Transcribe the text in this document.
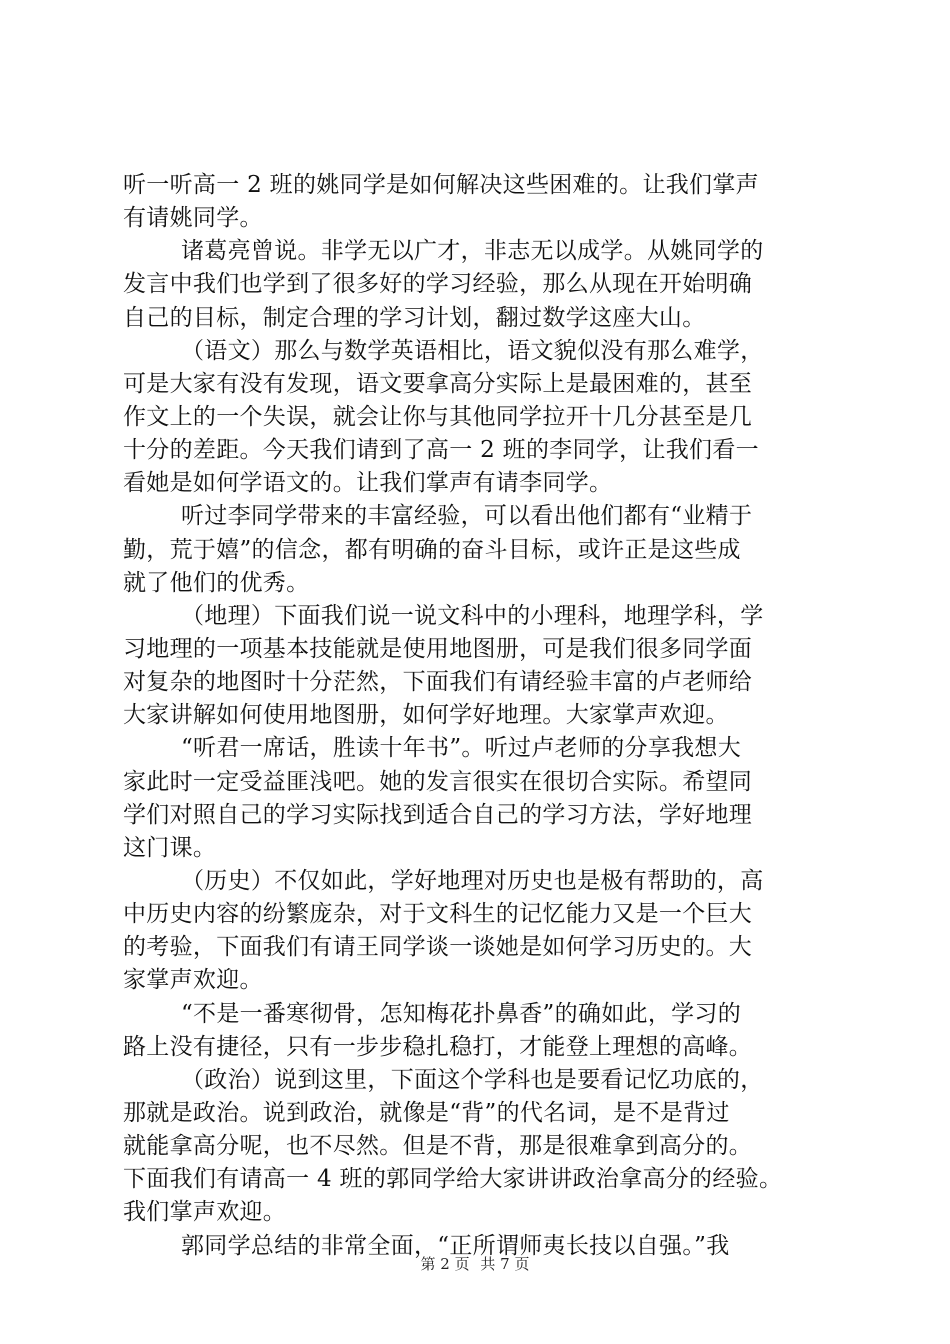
听一听高一 2 班的姚同学是如何解决这些困难的。让我们掌声
有请姚同学。
诸葛亮曾说。非学无以广才，非志无以成学。从姚同学的
发言中我们也学到了很多好的学习经验，那么从现在开始明确
自己的目标，制定合理的学习计划，翻过数学这座大山。
（语文）那么与数学英语相比，语文貌似没有那么难学，
可是大家有没有发现，语文要拿高分实际上是最困难的，甚至
作文上的一个失误，就会让你与其他同学拉开十几分甚至是几
十分的差距。今天我们请到了高一 2 班的李同学，让我们看一
看她是如何学语文的。让我们掌声有请李同学。
听过李同学带来的丰富经验，可以看出他们都有“业精于
勤，荒于嬉”的信念，都有明确的奋斗目标，或许正是这些成
就了他们的优秀。
（地理）下面我们说一说文科中的小理科，地理学科，学
习地理的一项基本技能就是使用地图册，可是我们很多同学面
对复杂的地图时十分茫然，下面我们有请经验丰富的卢老师给
大家讲解如何使用地图册，如何学好地理。大家掌声欢迎。
“听君一席话，胜读十年书”。听过卢老师的分享我想大
家此时一定受益匪浅吧。她的发言很实在很切合实际。希望同
学们对照自己的学习实际找到适合自己的学习方法，学好地理
这门课。
（历史）不仅如此，学好地理对历史也是极有帮助的，高
中历史内容的纷繁庞杂，对于文科生的记忆能力又是一个巨大
的考验，下面我们有请王同学谈一谈她是如何学习历史的。大
家掌声欢迎。
“不是一番寒彻骨，怎知梅花扑鼻香”的确如此，学习的
路上没有捷径，只有一步步稳扎稳打，才能登上理想的高峰。
（政治）说到这里，下面这个学科也是要看记忆功底的，
那就是政治。说到政治，就像是“背”的代名词，是不是背过
就能拿高分呢，也不尽然。但是不背，那是很难拿到高分的。
下面我们有请高一 4 班的郭同学给大家讲讲政治拿高分的经验。
我们掌声欢迎。
郭同学总结的非常全面，“正所谓师夷长技以自强。”我
第 2 页 共 7 页
